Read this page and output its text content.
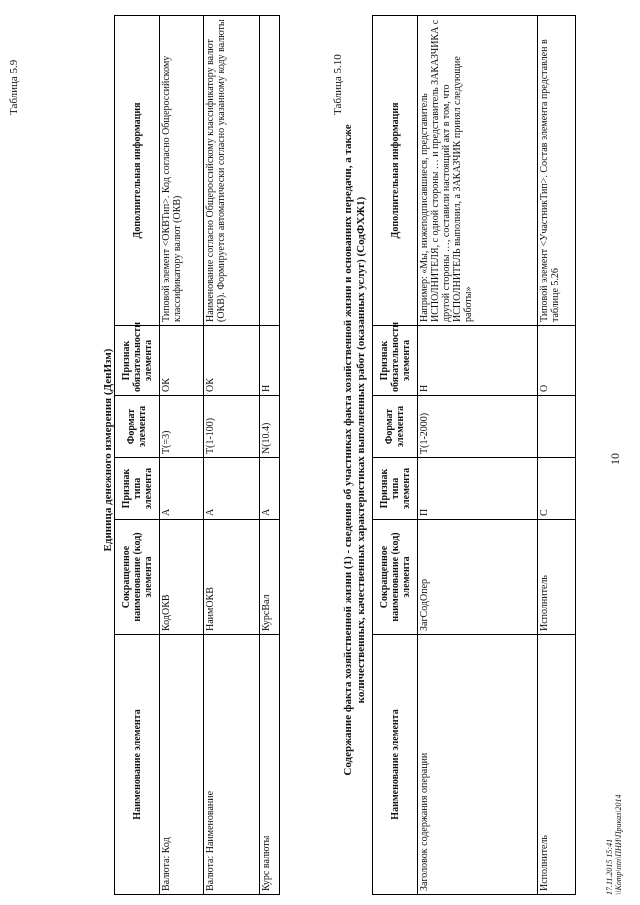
10
Таблица 5.9
Единица денежного измерения (ДенИзм)
Наименование элемента	Сокращенное наименование (код) элемента	Признак типа элемента	Формат элемента	Признак обязательности элемента	Дополнительная информация
Валюта: Код	КодОКВ	А	T(=3)	ОК	Типовой элемент <ОКВТип>. Код согласно Общероссийскому классификатору валют (ОКВ)
Валюта: Наименование	НаимОКВ	А	T(1-100)	ОК	Наименование согласно Общероссийскому классификатору валют (ОКВ). Формируется автоматически согласно указанному коду валюты
Курс валюты	КурсВал	А	N(10.4)	Н	
Таблица 5.10
Содержание факта хозяйственной жизни (1) - сведения об участниках факта хозяйственной жизни и основаниях передачи, а также количественных, качественных характеристиках выполненных работ (оказанных услуг) (СодФХЖ1)
Наименование элемента	Сокращенное наименование (код) элемента	Признак типа элемента	Формат элемента	Признак обязательности элемента	Дополнительная информация
Заголовок содержания операции	ЗагСодОпер	П	T(1-2000)	Н	Например: «Мы, нижеподписавшиеся, представитель ИСПОЛНИТЕЛЯ, с одной стороны … и представитель ЗАКАЗЧИКА с другой стороны …, составили настоящий акт в том, что ИСПОЛНИТЕЛЬ выполнил, а ЗАКАЗЧИК принял следующие работы»
Исполнитель	Исполнитель	С		О	Типовой элемент <УчастникТип>. Состав элемента представлен в таблице 5.26
17.11.2015 15:41 \\Komp\ntn\ПНИ\Приказ\2014
